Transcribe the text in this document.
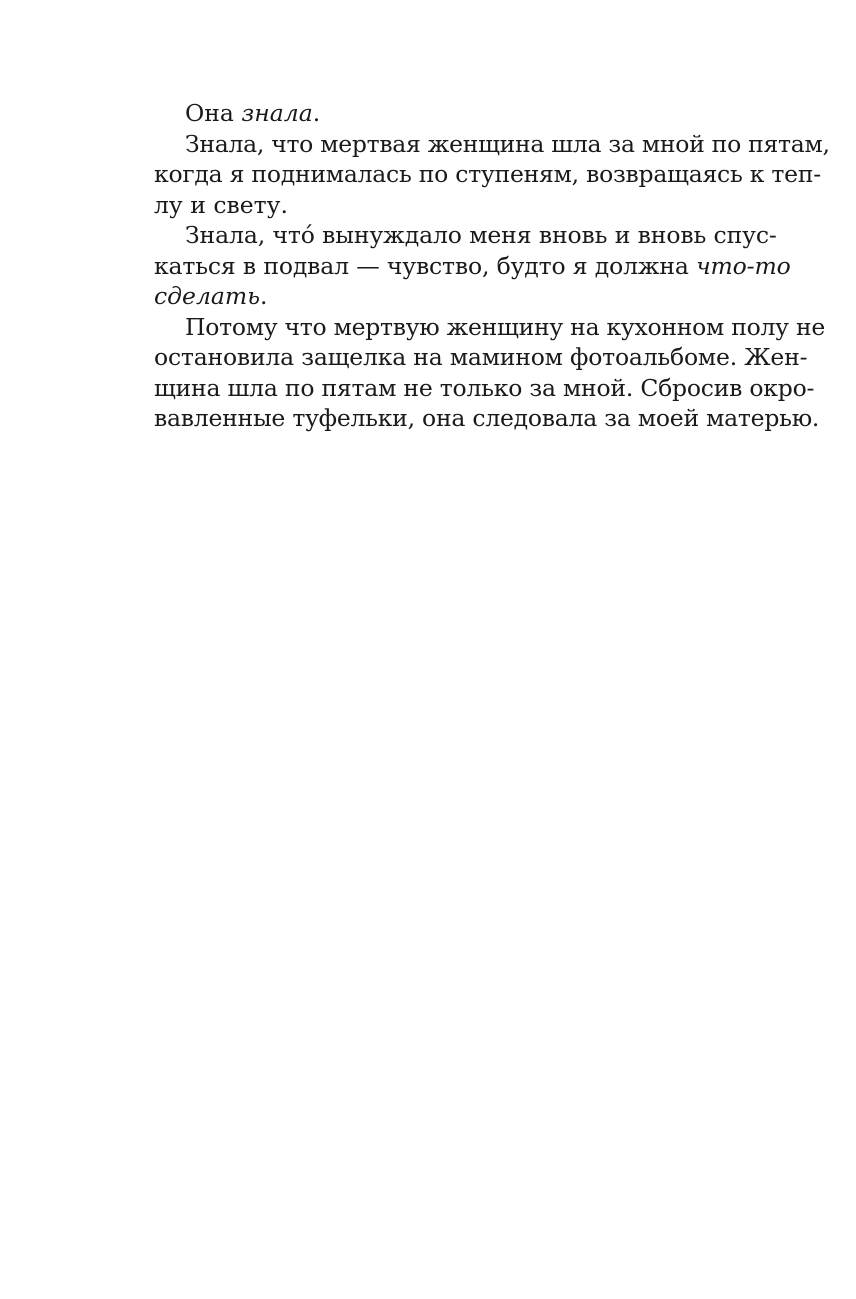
Она знала.
Знала, что мертвая женщина шла за мной по пятам,
когда я поднималась по ступеням, возвращаясь к теп-
лу и свету.
Знала, чтó вынуждало меня вновь и вновь спус-
каться в подвал — чувство, будто я должна что-то
сделать.
Потому что мертвую женщину на кухонном полу не
остановила защелка на мамином фотоальбоме. Жен-
щина шла по пятам не только за мной. Сбросив окро-
вавленные туфельки, она следовала за моей матерью.
